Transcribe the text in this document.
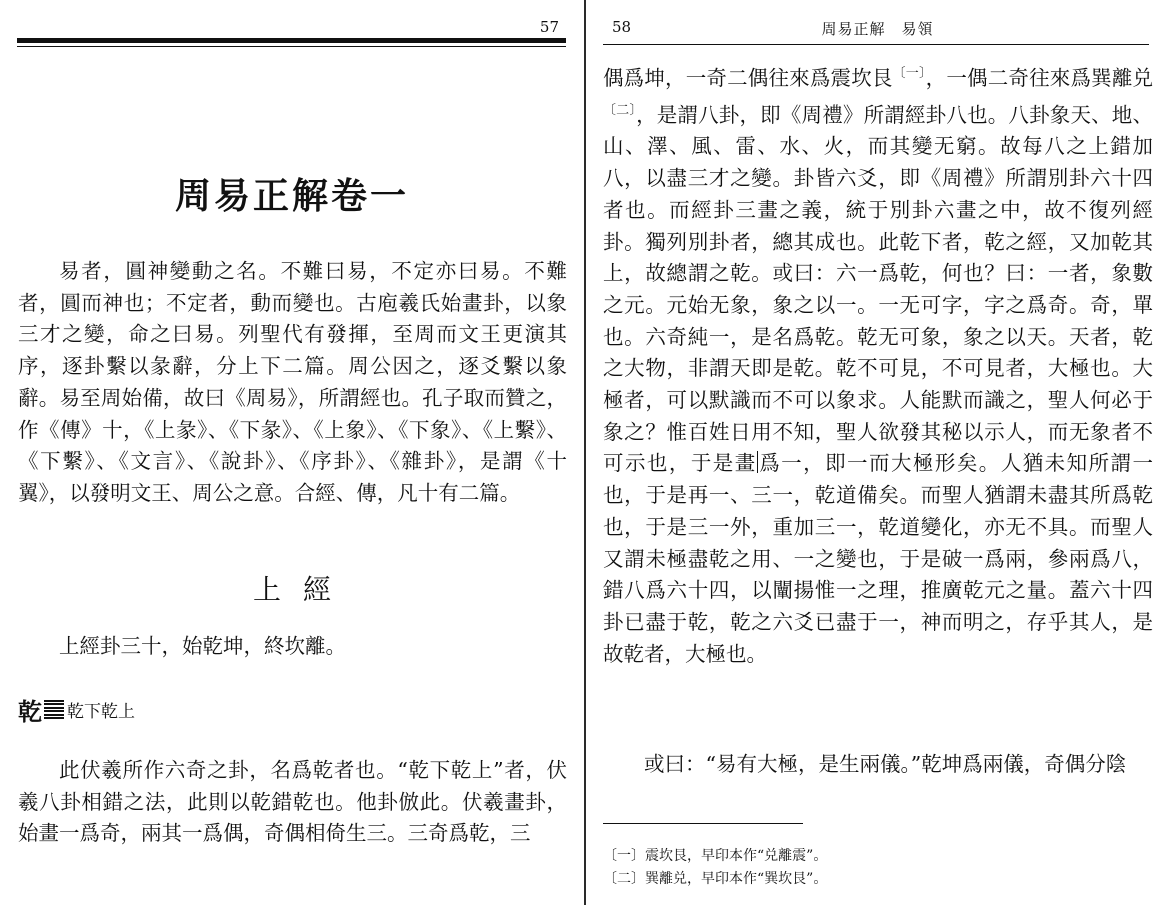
57
周易正解卷一

易者，圓神變動之名。不難曰易，不定亦曰易。不難者，圓而神也；不定者，動而變也。古庖羲氏始畫卦，以象三才之變，命之曰易。列聖代有發揮，至周而文王更演其序，逐卦繫以彖辭，分上下二篇。周公因之，逐爻繫以象辭。易至周始備，故曰《周易》，所謂經也。孔子取而贊之，作《傳》十，《上彖》、《下彖》、《上象》、《下象》、《上繫》、《下繫》、《文言》、《說卦》、《序卦》、《雜卦》，是謂《十翼》，以發明文王、周公之意。合經、傳，凡十有二篇。

上經

上經卦三十，始乾坤，終坎離。

乾 乾下乾上

此伏羲所作六奇之卦，名爲乾者也。“乾下乾上”者，伏羲八卦相錯之法，此則以乾錯乾也。他卦倣此。伏羲畫卦，始畫一爲奇，兩其一爲偶，奇偶相倚生三。三奇爲乾，三

58	周易正解　易領

偶爲坤，一奇二偶往來爲震坎艮$^{〔一〕}$，一偶二奇往來爲巽離兑$^{〔二〕}$，是謂八卦，即《周禮》所謂經卦八也。八卦象天、地、山、澤、風、雷、水、火，而其變无窮。故每八之上錯加八，以盡三才之變。卦皆六爻，即《周禮》所謂別卦六十四者也。而經卦三畫之義，統于別卦六畫之中，故不復列經卦。獨列別卦者，總其成也。此乾下者，乾之經，又加乾其上，故總謂之乾。或曰：六一爲乾，何也？曰：一者，象數之元。元始无象，象之以一。一无可字，字之爲奇。奇，單也。六奇純一，是名爲乾。乾无可象，象之以天。天者，乾之大物，非謂天即是乾。乾不可見，不可見者，大極也。大極者，可以默識而不可以象求。人能默而識之，聖人何必于象之？惟百姓日用不知，聖人欲發其秘以示人，而无象者不可示也，于是畫爲一，即一而大極形矣。人猶未知所謂一也，于是再一、三一，乾道備矣。而聖人猶謂未盡其所爲乾也，于是三一外，重加三一，乾道變化，亦无不具。而聖人又謂未極盡乾之用、一之變也，于是破一爲兩，參兩爲八，錯八爲六十四，以闡揚惟一之理，推廣乾元之量。蓋六十四卦已盡于乾，乾之六爻已盡于一，神而明之，存乎其人，是故乾者，大極也。

或曰：“易有大極，是生兩儀。”乾坤爲兩儀，奇偶分陰

〔一〕震坎艮，早印本作“兑離震”。
〔二〕巽離兑，早印本作“巽坎艮”。
